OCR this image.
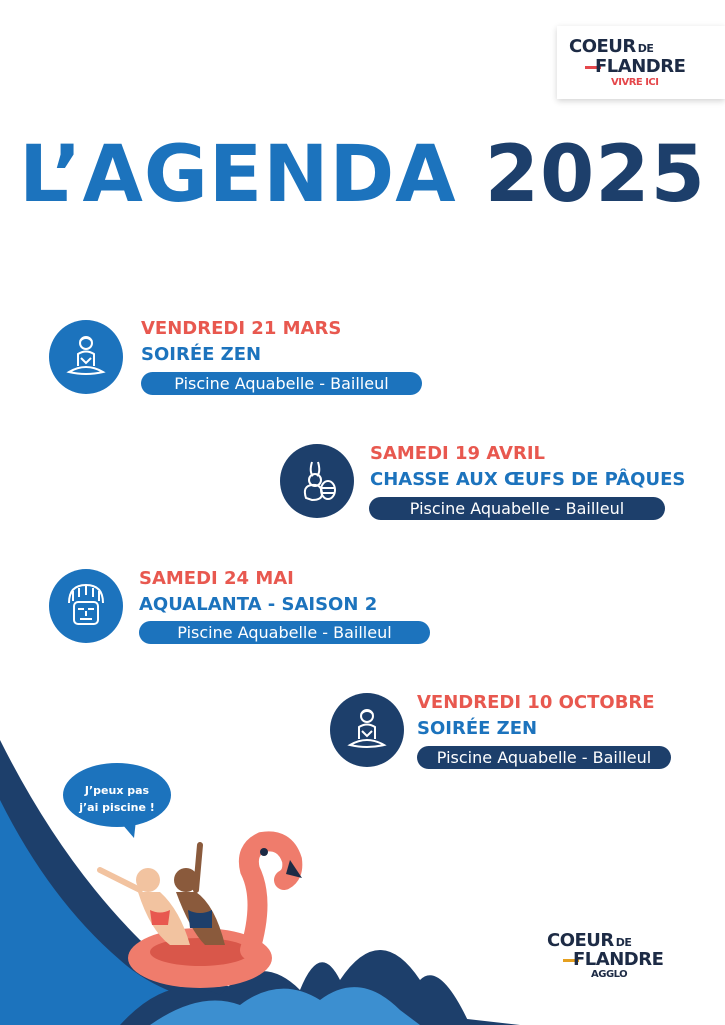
COEUR DE
FLANDRE
VIVRE ICI
L’AGENDA 2025
VENDREDI 21 MARS
SOIRÉE ZEN
Piscine Aquabelle - Bailleul
SAMEDI 19 AVRIL
CHASSE AUX ŒUFS DE PÂQUES
Piscine Aquabelle - Bailleul
SAMEDI 24 MAI
AQUALANTA - SAISON 2
Piscine Aquabelle - Bailleul
VENDREDI 10 OCTOBRE
SOIRÉE ZEN
Piscine Aquabelle - Bailleul
J’peux pas
j’ai piscine !
COEUR DE
FLANDRE
AGGLO
